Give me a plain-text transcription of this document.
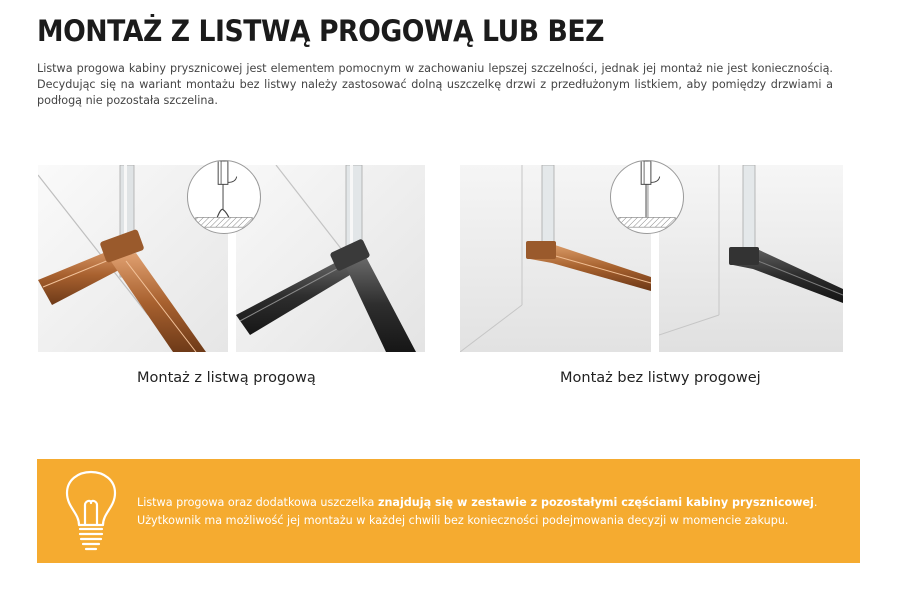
MONTAŻ Z LISTWĄ PROGOWĄ LUB BEZ

Listwa progowa kabiny prysznicowej jest elementem pomocnym w zachowaniu lepszej szczelności, jednak jej montaż nie jest koniecznością. Decydując się na wariant montażu bez listwy należy zastosować dolną uszczelkę drzwi z przedłużonym listkiem, aby pomiędzy drzwiami a podłogą nie pozostała szczelina.

Montaż z listwą progową	Montaż bez listwy progowej
Listwa progowa oraz dodatkowa uszczelka znajdują się w zestawie z pozostałymi częściami kabiny prysznicowej.
Użytkownik ma możliwość jej montażu w każdej chwili bez konieczności podejmowania decyzji w momencie zakupu.
